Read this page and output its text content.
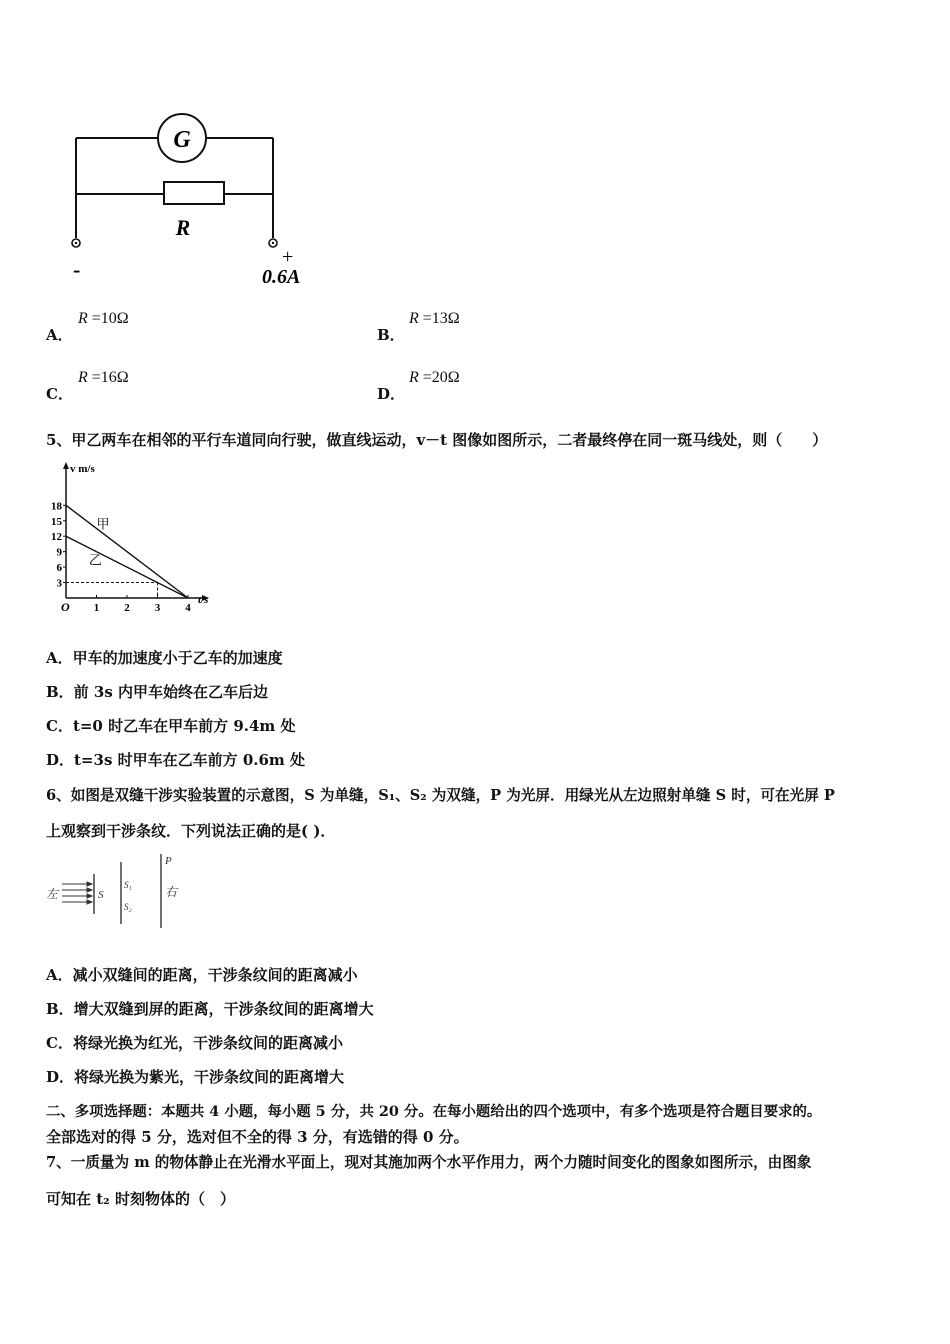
G
R
-	+
0.6A
A．
R =10Ω
B．
R =13Ω
C．
R =16Ω
D．
R =20Ω
5、甲乙两车在相邻的平行车道同向行驶，做直线运动，v－t 图像如图所示，二者最终停在同一斑马线处，则（　　）
v m/s
t/s
O
18
15
12
9
6
3
1 2 3 4
甲
乙
A．甲车的加速度小于乙车的加速度
B．前 3s 内甲车始终在乙车后边
C．t=0 时乙车在甲车前方 9.4m 处
D．t=3s 时甲车在乙车前方 0.6m 处
6、如图是双缝干涉实验装置的示意图，S 为单缝，S₁、S₂ 为双缝，P 为光屏．用绿光从左边照射单缝 S 时，可在光屏 P
上观察到干涉条纹．下列说法正确的是( )．
左	S
S₁
S₂
P
右
A．减小双缝间的距离，干涉条纹间的距离减小
B．增大双缝到屏的距离，干涉条纹间的距离增大
C．将绿光换为红光，干涉条纹间的距离减小
D．将绿光换为紫光，干涉条纹间的距离增大
二、多项选择题：本题共 4 小题，每小题 5 分，共 20 分。在每小题给出的四个选项中，有多个选项是符合题目要求的。
全部选对的得 5 分，选对但不全的得 3 分，有选错的得 0 分。
7、一质量为 m 的物体静止在光滑水平面上，现对其施加两个水平作用力，两个力随时间变化的图象如图所示，由图象
可知在 t₂ 时刻物体的（　）
